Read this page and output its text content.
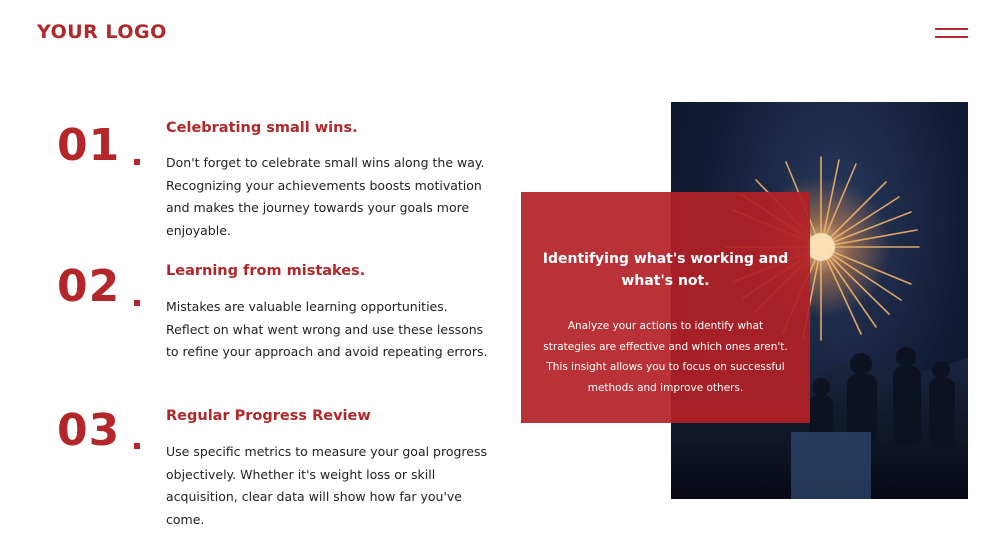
YOUR LOGO
01	Celebrating small wins.
Don't forget to celebrate small wins along the way. Recognizing your achievements boosts motivation and makes the journey towards your goals more enjoyable.
02	Learning from mistakes.
Mistakes are valuable learning opportunities. Reflect on what went wrong and use these lessons to refine your approach and avoid repeating errors.
03	Regular Progress Review
Use specific metrics to measure your goal progress objectively. Whether it's weight loss or skill acquisition, clear data will show how far you've come.
Identifying what's working and what's not.
Analyze your actions to identify what strategies are effective and which ones aren't. This insight allows you to focus on successful methods and improve others.
